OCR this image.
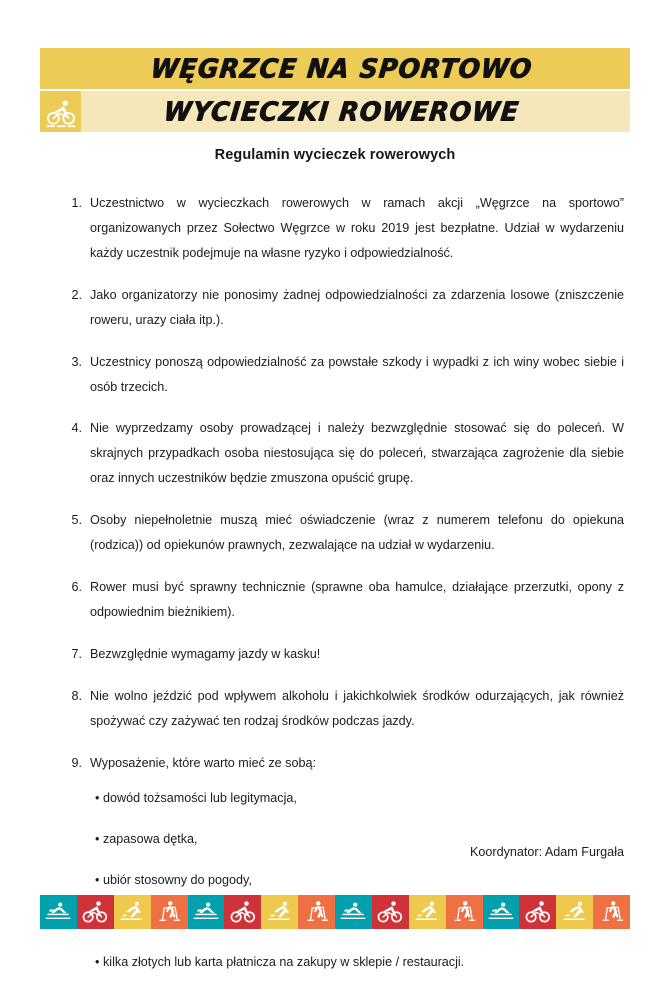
WĘGRZCE NA SPORTOWO
WYCIECZKI ROWEROWE
Regulamin wycieczek rowerowych
1. Uczestnictwo w wycieczkach rowerowych w ramach akcji „Węgrzce na sportowo” organizowanych przez Sołectwo Węgrzce w roku 2019 jest bezpłatne. Udział w wydarzeniu każdy uczestnik podejmuje na własne ryzyko i odpowiedzialność.
2. Jako organizatorzy nie ponosimy żadnej odpowiedzialności za zdarzenia losowe (zniszczenie roweru, urazy ciała itp.).
3. Uczestnicy ponoszą odpowiedzialność za powstałe szkody i wypadki z ich winy wobec siebie i osób trzecich.
4. Nie wyprzedzamy osoby prowadzącej i należy bezwzględnie stosować się do poleceń. W skrajnych przypadkach osoba niestosująca się do poleceń, stwarzająca zagrożenie dla siebie oraz innych uczestników będzie zmuszona opuścić grupę.
5. Osoby niepełnoletnie muszą mieć oświadczenie (wraz z numerem telefonu do opiekuna (rodzica)) od opiekunów prawnych, zezwalające na udział w wydarzeniu.
6. Rower musi być sprawny technicznie (sprawne oba hamulce, działające przerzutki, opony z odpowiednim bieżnikiem).
7. Bezwzględnie wymagamy jazdy w kasku!
8. Nie wolno jeździć pod wpływem alkoholu i jakichkolwiek środków odurzających, jak również spożywać czy zażywać ten rodzaj środków podczas jazdy.
9. Wyposażenie, które warto mieć ze sobą:
• dowód tożsamości lub legitymacja,
• zapasowa dętka,
• ubiór stosowny do pogody,
• kilka złotych lub karta płatnicza na zakupy w sklepie / restauracji.
Koordynator: Adam Furgała
